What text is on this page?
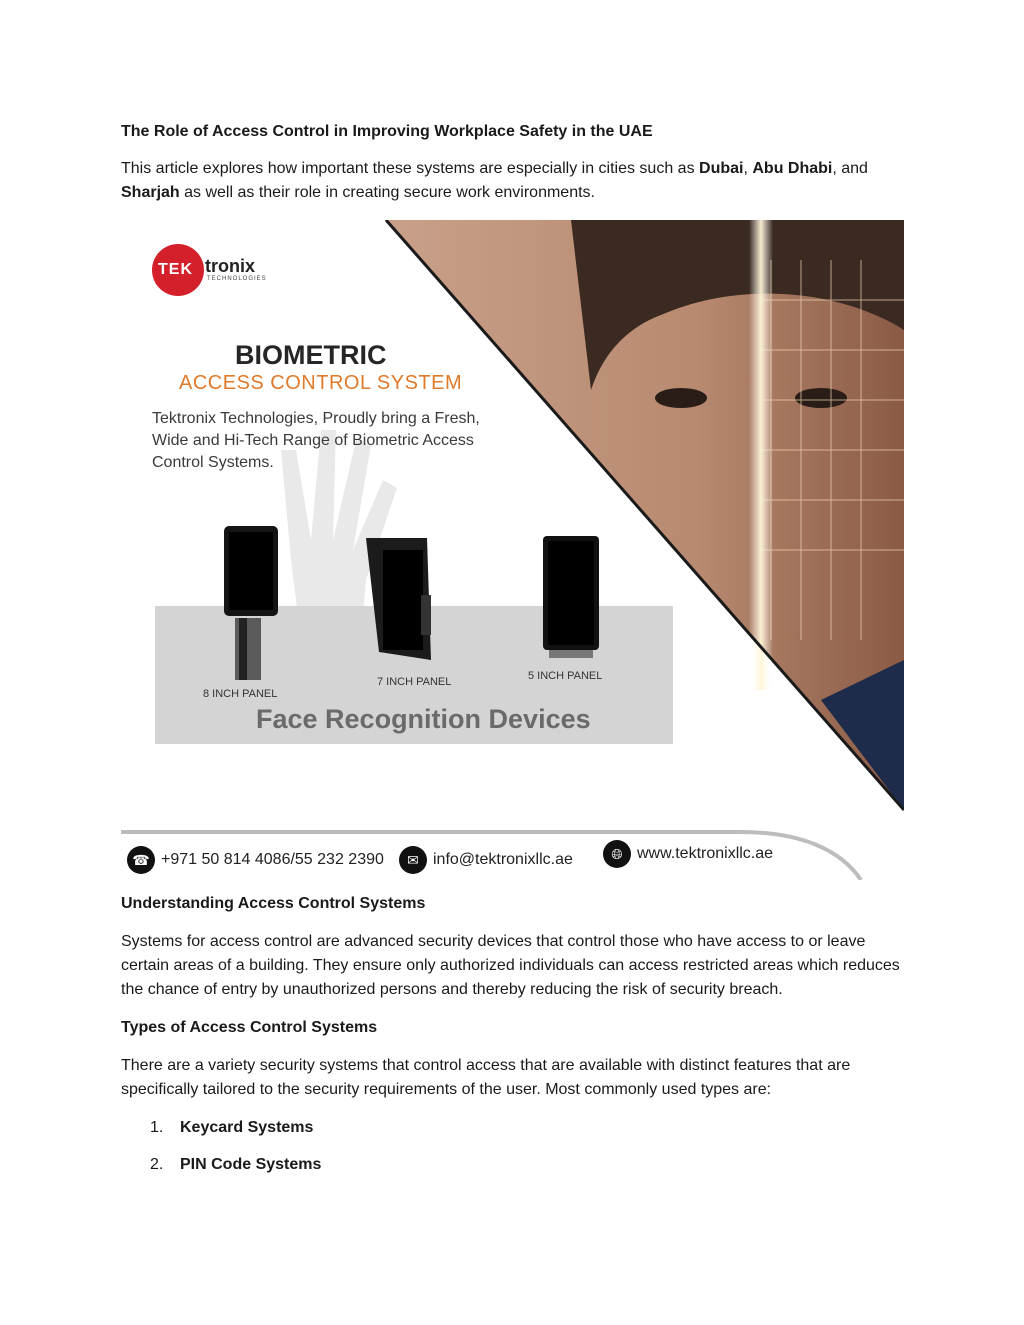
The Role of Access Control in Improving Workplace Safety in the UAE
This article explores how important these systems are especially in cities such as Dubai, Abu Dhabi, and Sharjah as well as their role in creating secure work environments.
TEK tronix
TECHNOLOGIES
BIOMETRIC
ACCESS CONTROL SYSTEM
Tektronix Technologies, Proudly bring a Fresh, Wide and Hi-Tech Range of Biometric Access Control Systems.
8 INCH PANEL
7 INCH PANEL	5 INCH PANEL
Face Recognition Devices
☎ +971 50 814 4086/55 232 2390	✉ info@tektronixllc.ae	🌐︎ www.tektronixllc.ae
Understanding Access Control Systems
Systems for access control are advanced security devices that control those who have access to or leave certain areas of a building. They ensure only authorized individuals can access restricted areas which reduces the chance of entry by unauthorized persons and thereby reducing the risk of security breach.
Types of Access Control Systems
There are a variety security systems that control access that are available with distinct features that are specifically tailored to the security requirements of the user. Most commonly used types are:
1. Keycard Systems
2. PIN Code Systems
